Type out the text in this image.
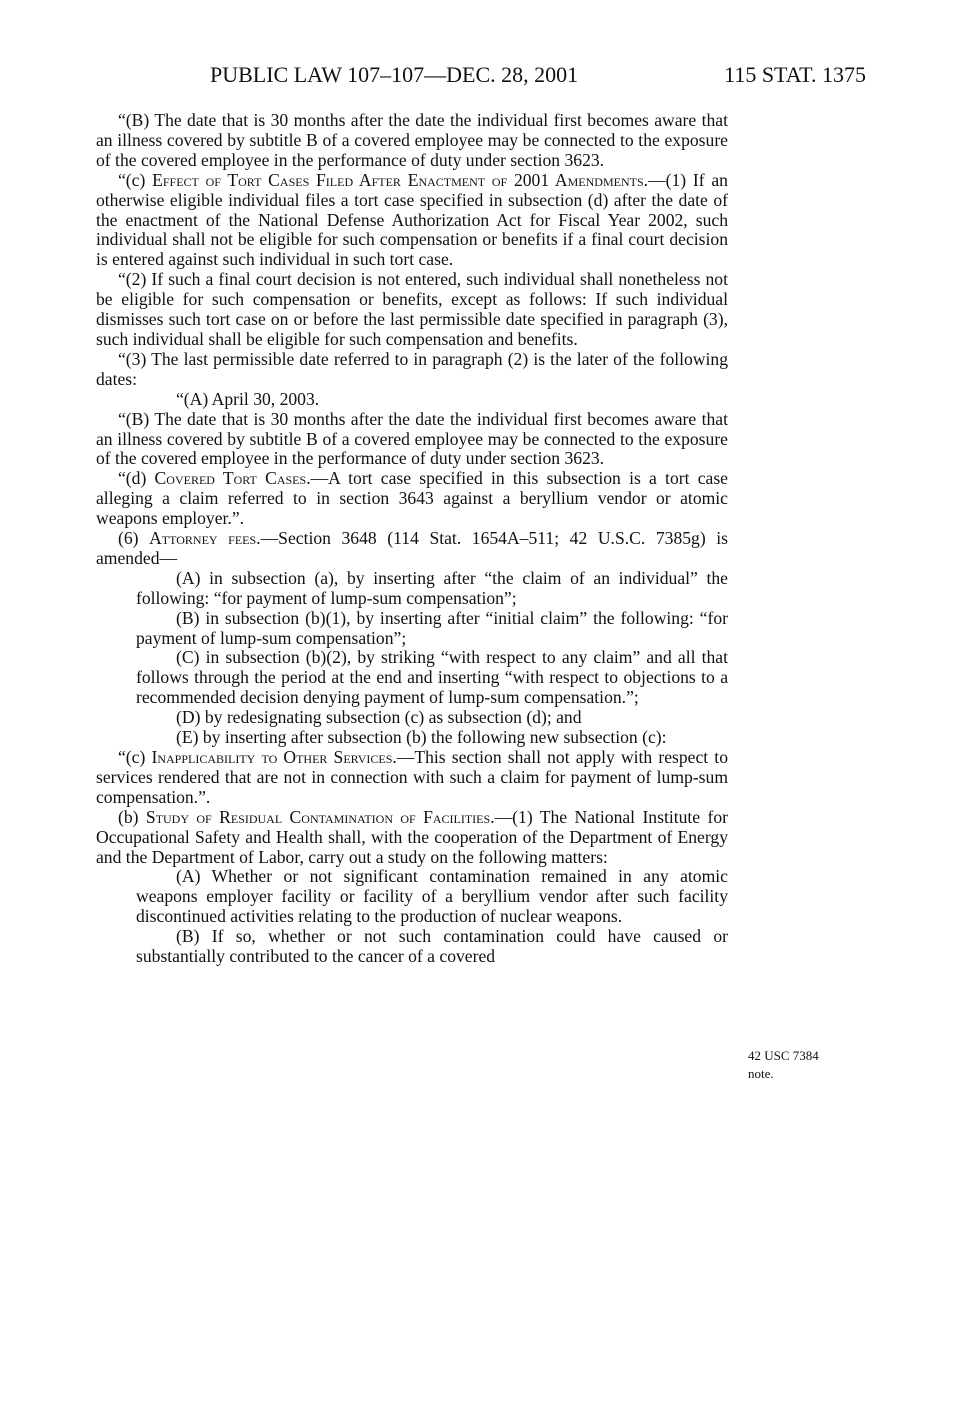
PUBLIC LAW 107–107—DEC. 28, 2001	115 STAT. 1375

“(B) The date that is 30 months after the date the individual first becomes aware that an illness covered by subtitle B of a covered employee may be connected to the exposure of the covered employee in the performance of duty under section 3623.

“(c) Effect of Tort Cases Filed After Enactment of 2001 Amendments.—(1) If an otherwise eligible individual files a tort case specified in subsection (d) after the date of the enactment of the National Defense Authorization Act for Fiscal Year 2002, such individual shall not be eligible for such compensation or benefits if a final court decision is entered against such individual in such tort case.

“(2) If such a final court decision is not entered, such individual shall nonetheless not be eligible for such compensation or benefits, except as follows: If such individual dismisses such tort case on or before the last permissible date specified in paragraph (3), such individual shall be eligible for such compensation and benefits.

“(3) The last permissible date referred to in paragraph (2) is the later of the following dates:

“(A) April 30, 2003.

“(B) The date that is 30 months after the date the individual first becomes aware that an illness covered by subtitle B of a covered employee may be connected to the exposure of the covered employee in the performance of duty under section 3623.

“(d) Covered Tort Cases.—A tort case specified in this subsection is a tort case alleging a claim referred to in section 3643 against a beryllium vendor or atomic weapons employer.”.

(6) Attorney fees.—Section 3648 (114 Stat. 1654A–511; 42 U.S.C. 7385g) is amended—

(A) in subsection (a), by inserting after “the claim of an individual” the following: “for payment of lump-sum compensation”;

(B) in subsection (b)(1), by inserting after “initial claim” the following: “for payment of lump-sum compensation”;

(C) in subsection (b)(2), by striking “with respect to any claim” and all that follows through the period at the end and inserting “with respect to objections to a recommended decision denying payment of lump-sum compensation.”;

(D) by redesignating subsection (c) as subsection (d); and

(E) by inserting after subsection (b) the following new subsection (c):

“(c) Inapplicability to Other Services.—This section shall not apply with respect to services rendered that are not in connection with such a claim for payment of lump-sum compensation.”.

(b) Study of Residual Contamination of Facilities.—(1) The National Institute for Occupational Safety and Health shall, with the cooperation of the Department of Energy and the Department of Labor, carry out a study on the following matters:

(A) Whether or not significant contamination remained in any atomic weapons employer facility or facility of a beryllium vendor after such facility discontinued activities relating to the production of nuclear weapons.

(B) If so, whether or not such contamination could have caused or substantially contributed to the cancer of a covered

42 USC 7384
note.
